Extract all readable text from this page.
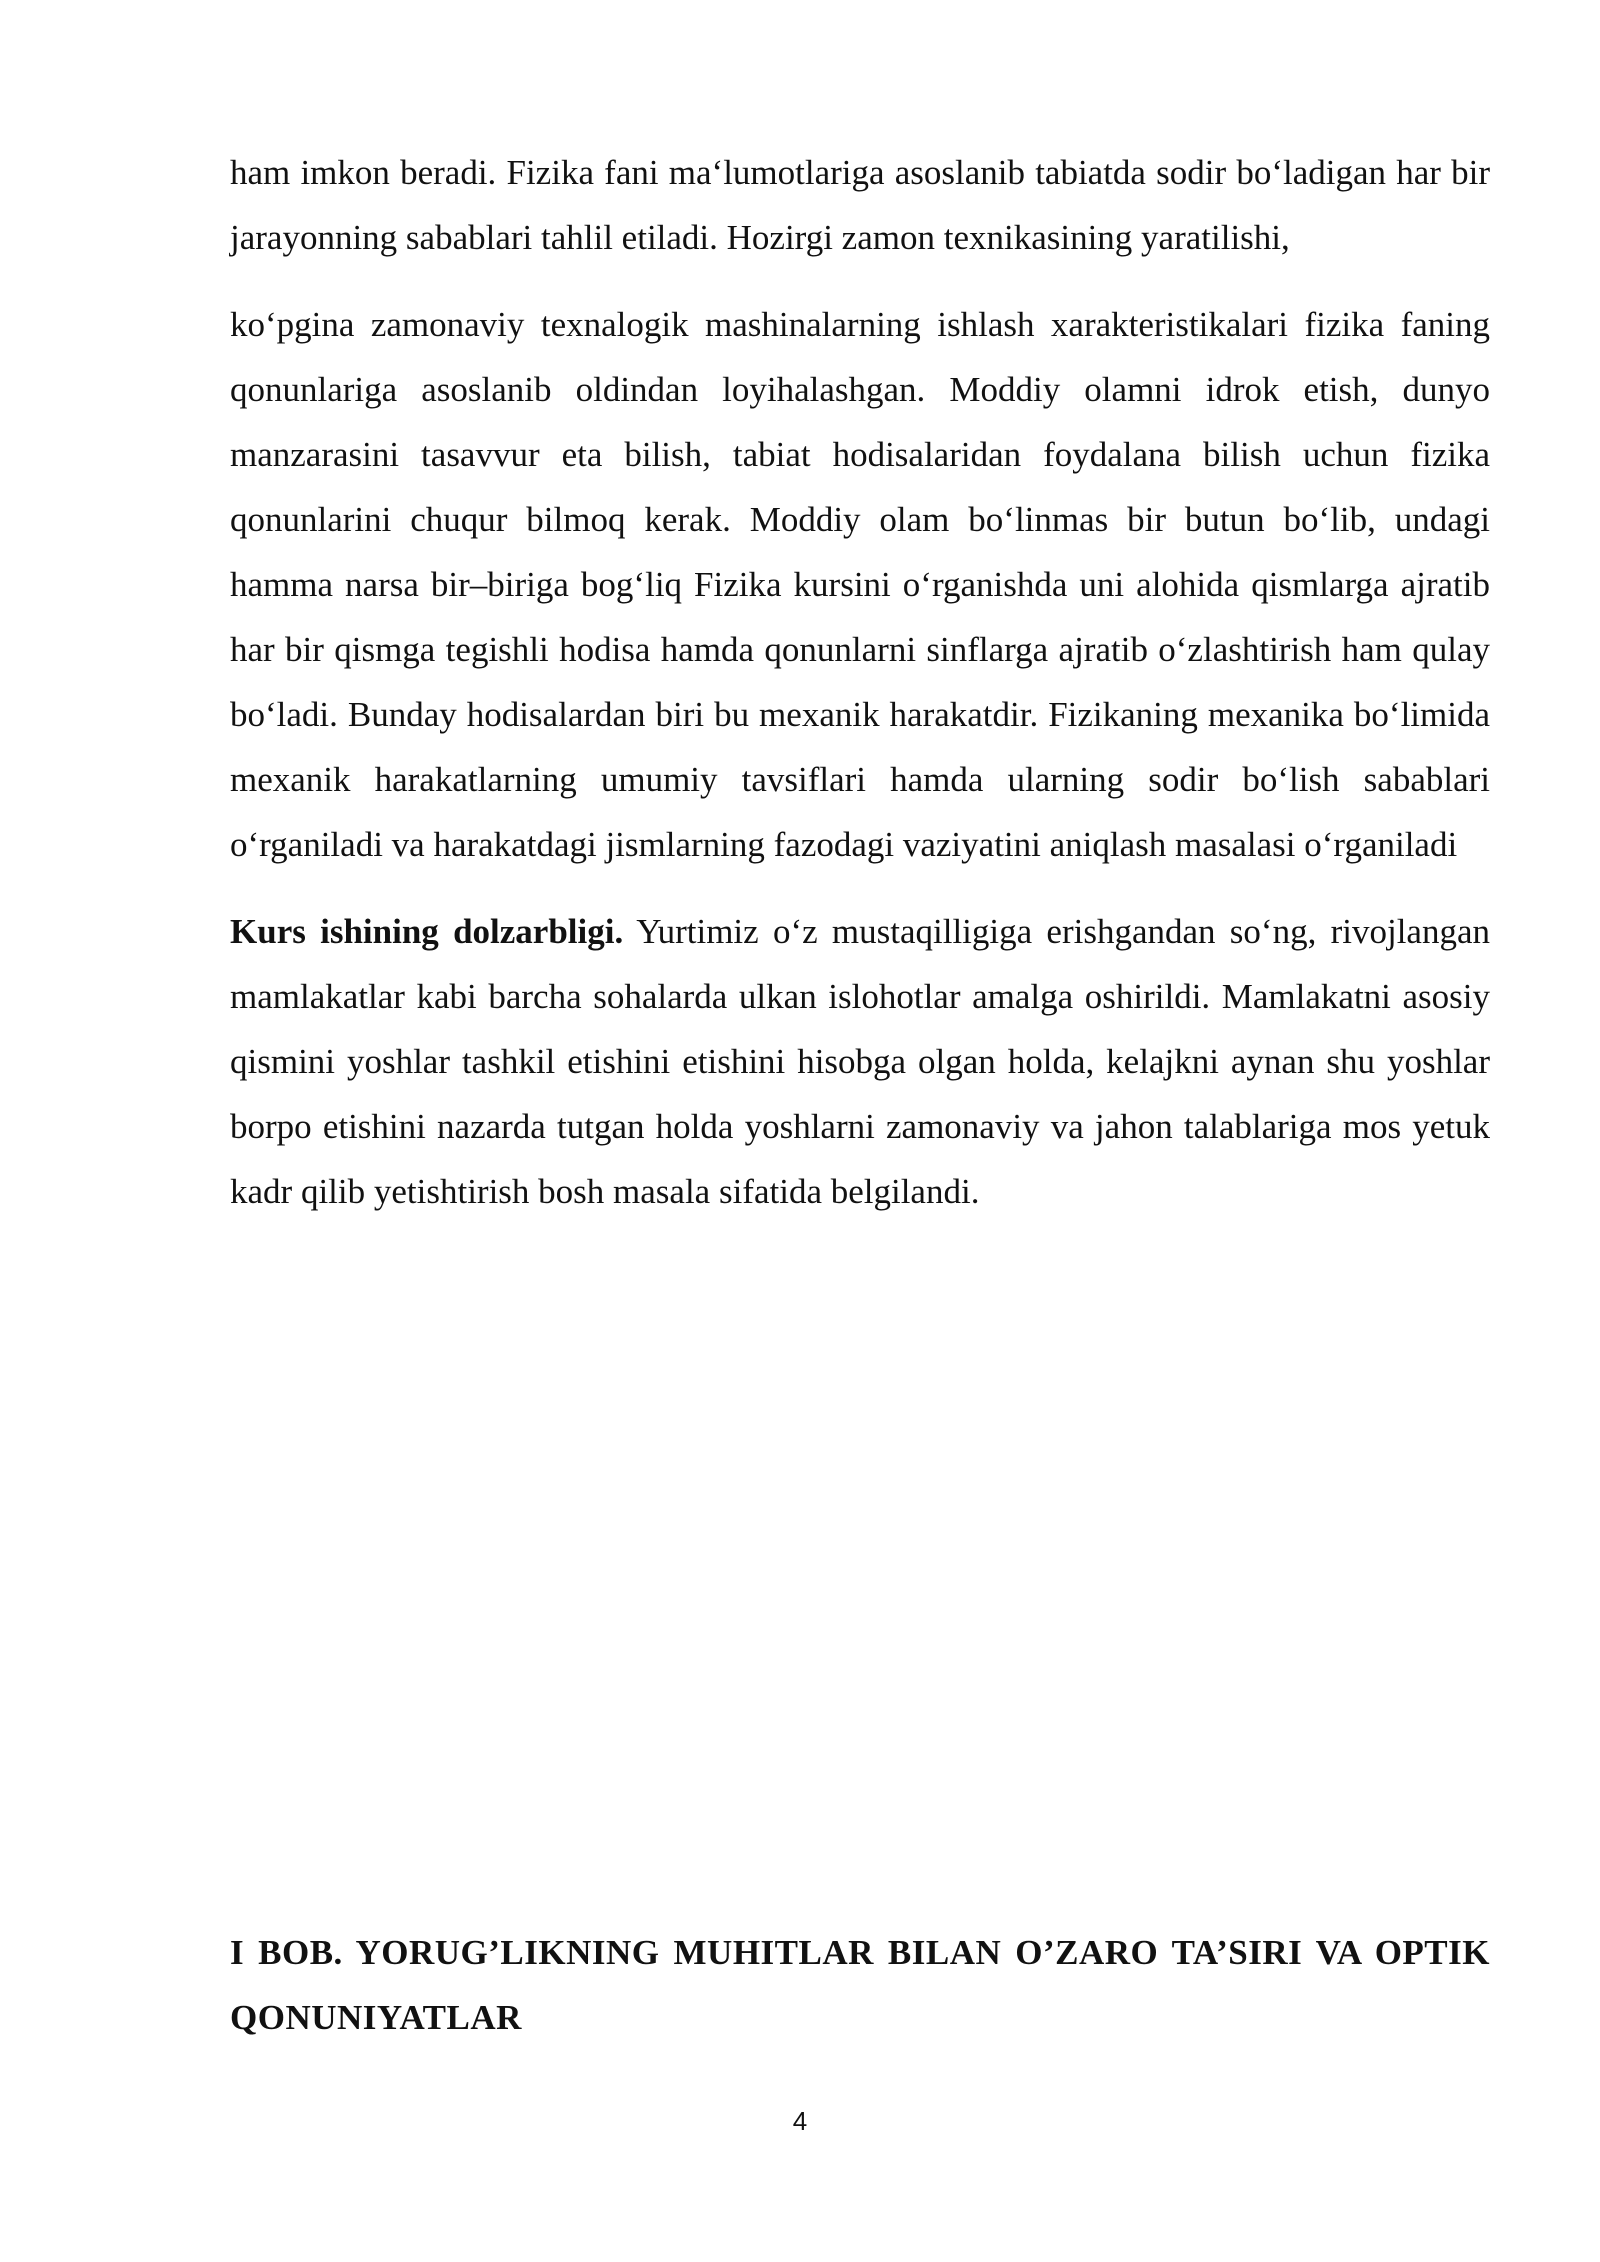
ham imkon beradi. Fizika fani ma‘lumotlariga asoslanib tabiatda sodir bo‘ladigan har bir jarayonning sabablari tahlil etiladi. Hozirgi zamon texnikasining yaratilishi,

ko‘pgina zamonaviy texnalogik mashinalarning ishlash xarakteristikalari fizika faning qonunlariga asoslanib oldindan loyihalashgan. Moddiy olamni idrok etish, dunyo manzarasini tasavvur eta bilish, tabiat hodisalaridan foydalana bilish uchun fizika qonunlarini chuqur bilmoq kerak. Moddiy olam bo‘linmas bir butun bo‘lib, undagi hamma narsa bir–biriga bog‘liq Fizika kursini o‘rganishda uni alohida qismlarga ajratib har bir qismga tegishli hodisa hamda qonunlarni sinflarga ajratib o‘zlashtirish ham qulay bo‘ladi. Bunday hodisalardan biri bu mexanik harakatdir. Fizikaning mexanika bo‘limida mexanik harakatlarning umumiy tavsiflari hamda ularning sodir bo‘lish sabablari o‘rganiladi va harakatdagi jismlarning fazodagi vaziyatini aniqlash masalasi o‘rganiladi

Kurs ishining dolzarbligi. Yurtimiz o‘z mustaqilligiga erishgandan so‘ng, rivojlangan mamlakatlar kabi barcha sohalarda ulkan islohotlar amalga oshirildi. Mamlakatni asosiy qismini yoshlar tashkil etishini etishini hisobga olgan holda, kelajkni aynan shu yoshlar borpo etishini nazarda tutgan holda yoshlarni zamonaviy va jahon talablariga mos yetuk kadr qilib yetishtirish bosh masala sifatida belgilandi.

I BOB. YORUG’LIKNING MUHITLAR BILAN O’ZARO TA’SIRI VA OPTIK QONUNIYATLAR
4
